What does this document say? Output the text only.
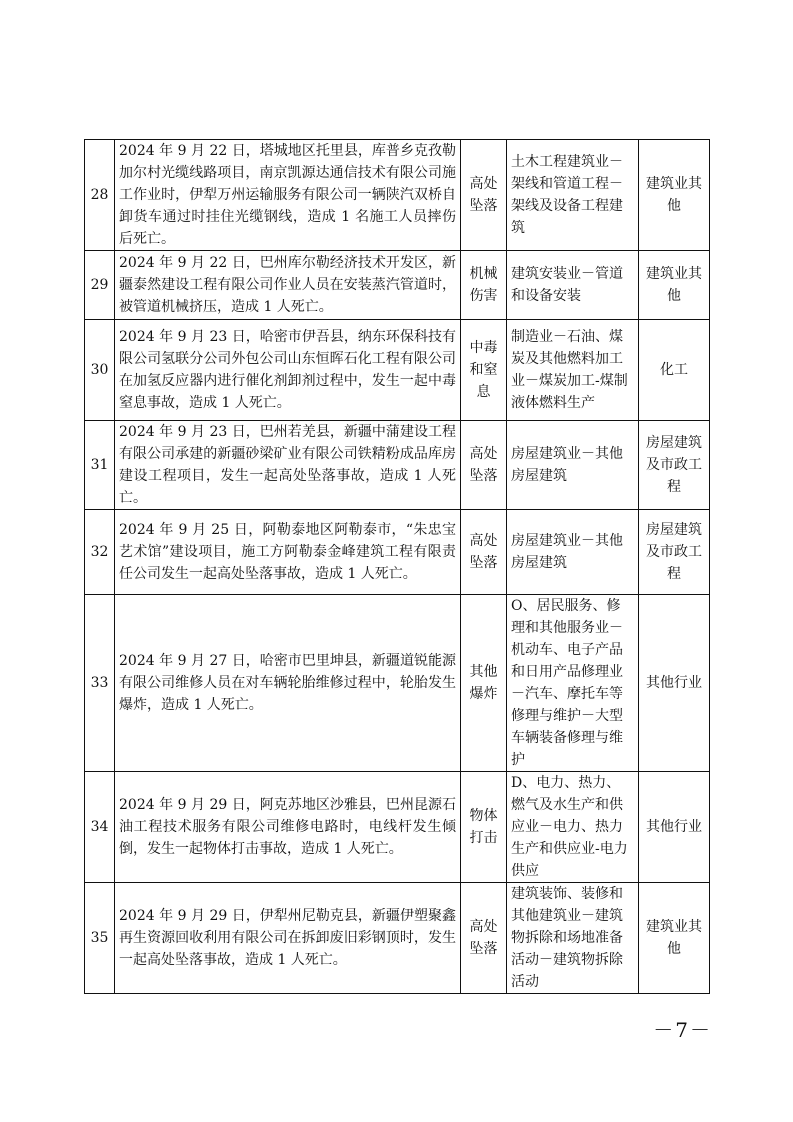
28	2024 年 9 月 22 日，塔城地区托里县，库普乡克孜勒加尔村光缆线路项目，南京凯源达通信技术有限公司施工作业时，伊犁万州运输服务有限公司一辆陕汽双桥自卸货车通过时挂住光缆钢线，造成 1 名施工人员摔伤后死亡。	高处坠落	土木工程建筑业－架线和管道工程－架线及设备工程建筑	建筑业其他
29	2024 年 9 月 22 日，巴州库尔勒经济技术开发区，新疆泰然建设工程有限公司作业人员在安装蒸汽管道时，被管道机械挤压，造成 1 人死亡。	机械伤害	建筑安装业－管道和设备安装	建筑业其他
30	2024 年 9 月 23 日，哈密市伊吾县，纳东环保科技有限公司氢联分公司外包公司山东恒晖石化工程有限公司在加氢反应器内进行催化剂卸剂过程中，发生一起中毒窒息事故，造成 1 人死亡。	中毒和窒息	制造业－石油、煤炭及其他燃料加工业－煤炭加工-煤制液体燃料生产	化工
31	2024 年 9 月 23 日，巴州若羌县，新疆中蒲建设工程有限公司承建的新疆砂梁矿业有限公司铁精粉成品库房建设工程项目，发生一起高处坠落事故，造成 1 人死亡。	高处坠落	房屋建筑业－其他房屋建筑	房屋建筑及市政工程
32	2024 年 9 月 25 日，阿勒泰地区阿勒泰市，“朱忠宝艺术馆”建设项目，施工方阿勒泰金峰建筑工程有限责任公司发生一起高处坠落事故，造成 1 人死亡。	高处坠落	房屋建筑业－其他房屋建筑	房屋建筑及市政工程
33	2024 年 9 月 27 日，哈密市巴里坤县，新疆道锐能源有限公司维修人员在对车辆轮胎维修过程中，轮胎发生爆炸，造成 1 人死亡。	其他爆炸	O、居民服务、修理和其他服务业－机动车、电子产品和日用产品修理业－汽车、摩托车等修理与维护－大型车辆装备修理与维护	其他行业
34	2024 年 9 月 29 日，阿克苏地区沙雅县，巴州昆源石油工程技术服务有限公司维修电路时，电线杆发生倾倒，发生一起物体打击事故，造成 1 人死亡。	物体打击	D、电力、热力、燃气及水生产和供应业－电力、热力生产和供应业-电力供应	其他行业
35	2024 年 9 月 29 日，伊犁州尼勒克县，新疆伊塑聚鑫再生资源回收利用有限公司在拆卸废旧彩钢顶时，发生一起高处坠落事故，造成 1 人死亡。	高处坠落	建筑装饰、装修和其他建筑业－建筑物拆除和场地准备活动－建筑物拆除活动	建筑业其他
－7－
